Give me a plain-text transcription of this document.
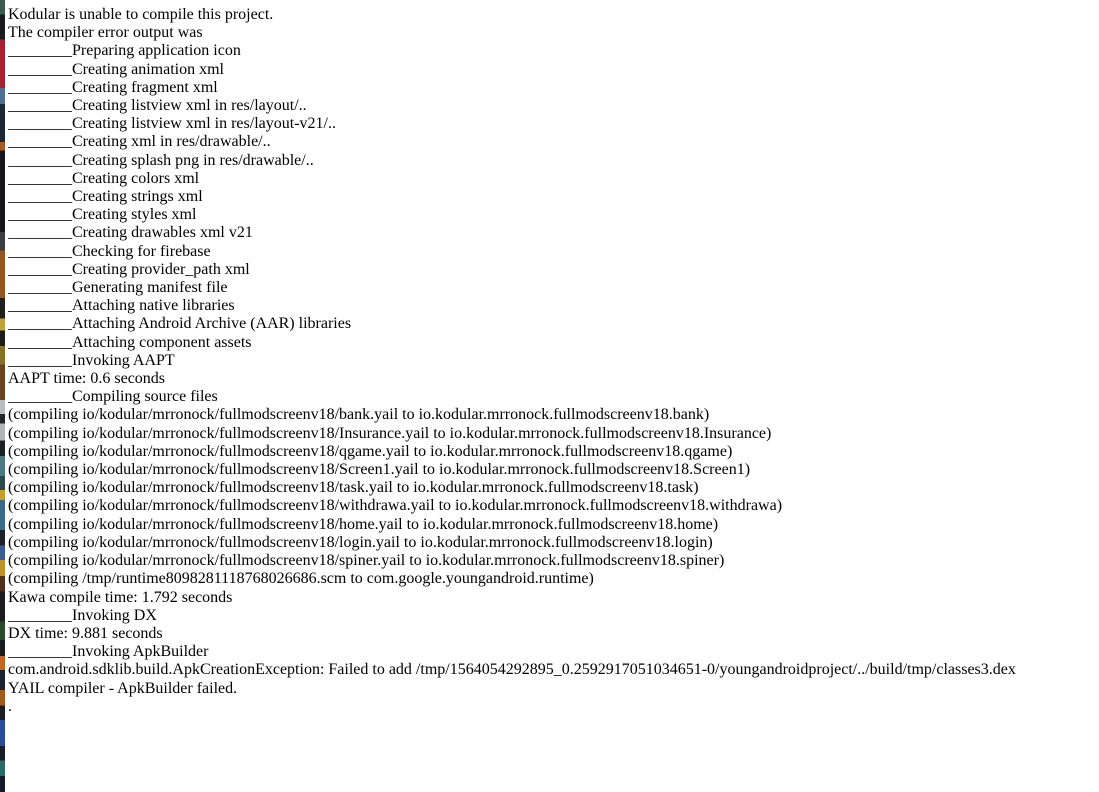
Kodular is unable to compile this project.
The compiler error output was
________Preparing application icon
________Creating animation xml
________Creating fragment xml
________Creating listview xml in res/layout/..
________Creating listview xml in res/layout-v21/..
________Creating xml in res/drawable/..
________Creating splash png in res/drawable/..
________Creating colors xml
________Creating strings xml
________Creating styles xml
________Creating drawables xml v21
________Checking for firebase
________Creating provider_path xml
________Generating manifest file
________Attaching native libraries
________Attaching Android Archive (AAR) libraries
________Attaching component assets
________Invoking AAPT
AAPT time: 0.6 seconds
________Compiling source files
(compiling io/kodular/mrronock/fullmodscreenv18/bank.yail to io.kodular.mrronock.fullmodscreenv18.bank)
(compiling io/kodular/mrronock/fullmodscreenv18/Insurance.yail to io.kodular.mrronock.fullmodscreenv18.Insurance)
(compiling io/kodular/mrronock/fullmodscreenv18/qgame.yail to io.kodular.mrronock.fullmodscreenv18.qgame)
(compiling io/kodular/mrronock/fullmodscreenv18/Screen1.yail to io.kodular.mrronock.fullmodscreenv18.Screen1)
(compiling io/kodular/mrronock/fullmodscreenv18/task.yail to io.kodular.mrronock.fullmodscreenv18.task)
(compiling io/kodular/mrronock/fullmodscreenv18/withdrawa.yail to io.kodular.mrronock.fullmodscreenv18.withdrawa)
(compiling io/kodular/mrronock/fullmodscreenv18/home.yail to io.kodular.mrronock.fullmodscreenv18.home)
(compiling io/kodular/mrronock/fullmodscreenv18/login.yail to io.kodular.mrronock.fullmodscreenv18.login)
(compiling io/kodular/mrronock/fullmodscreenv18/spiner.yail to io.kodular.mrronock.fullmodscreenv18.spiner)
(compiling /tmp/runtime8098281118768026686.scm to com.google.youngandroid.runtime)
Kawa compile time: 1.792 seconds
________Invoking DX
DX time: 9.881 seconds
________Invoking ApkBuilder
com.android.sdklib.build.ApkCreationException: Failed to add /tmp/1564054292895_0.2592917051034651-0/youngandroidproject/../build/tmp/classes3.dex
YAIL compiler - ApkBuilder failed.
.
